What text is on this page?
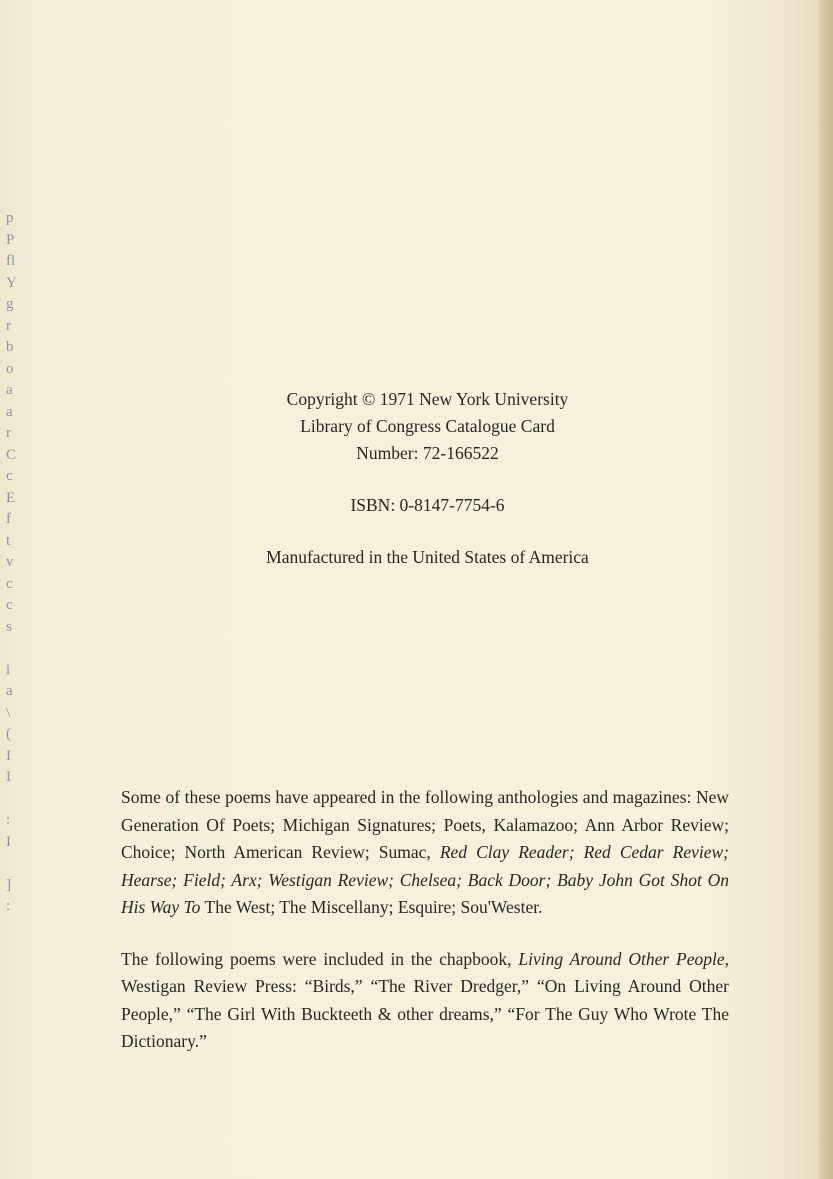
p
P
fl
Y
g
r
b
o
a
a
r
C
c
E
f
t
v
c
c
s
i
a
\
(
I
I
:
I
]
:
Copyright © 1971 New York University
Library of Congress Catalogue Card
Number: 72-166522
ISBN: 0-8147-7754-6
Manufactured in the United States of America

Some of these poems have appeared in the following anthologies and magazines: New Generation Of Poets; Michigan Signatures; Poets, Kalamazoo; Ann Arbor Review; Choice; North American Review; Sumac, Red Clay Reader; Red Cedar Review; Hearse; Field; Arx; Westigan Review; Chelsea; Back Door; Baby John Got Shot On His Way To The West; The Miscellany; Esquire; Sou'Wester.

The following poems were included in the chapbook, Living Around Other People, Westigan Review Press: “Birds,” “The River Dredger,” “On Living Around Other People,” “The Girl With Buckteeth & other dreams,” “For The Guy Who Wrote The Dictionary.”
